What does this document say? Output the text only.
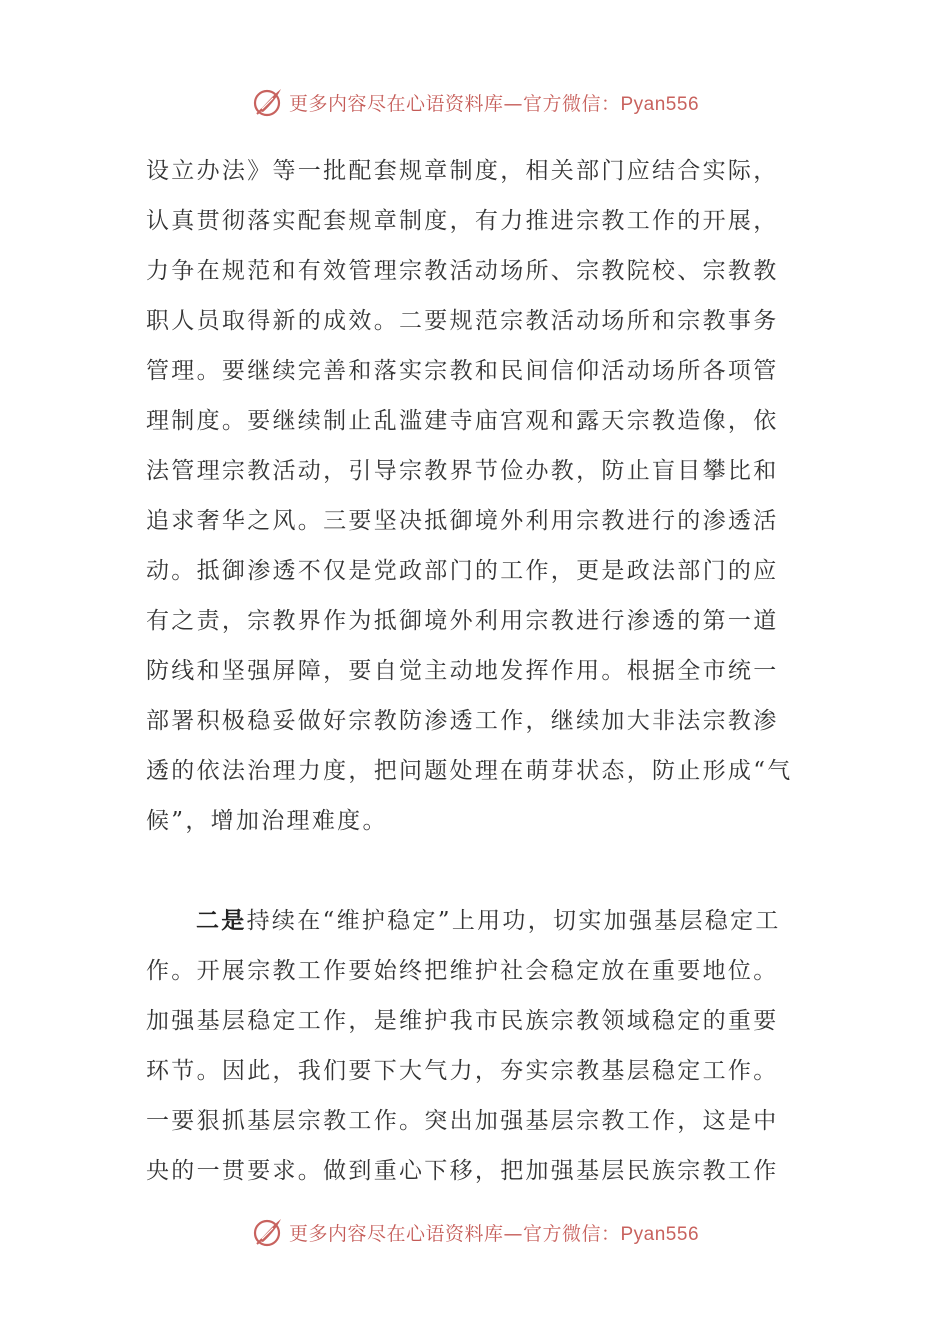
更多内容尽在心语资料库—官方微信：Pyan556

设立办法》等一批配套规章制度，相关部门应结合实际，认真贯彻落实配套规章制度，有力推进宗教工作的开展，力争在规范和有效管理宗教活动场所、宗教院校、宗教教职人员取得新的成效。二要规范宗教活动场所和宗教事务管理。要继续完善和落实宗教和民间信仰活动场所各项管理制度。要继续制止乱滥建寺庙宫观和露天宗教造像，依法管理宗教活动，引导宗教界节俭办教，防止盲目攀比和追求奢华之风。三要坚决抵御境外利用宗教进行的渗透活动。抵御渗透不仅是党政部门的工作，更是政法部门的应有之责，宗教界作为抵御境外利用宗教进行渗透的第一道防线和坚强屏障，要自觉主动地发挥作用。根据全市统一部署积极稳妥做好宗教防渗透工作，继续加大非法宗教渗透的依法治理力度，把问题处理在萌芽状态，防止形成“气候”，增加治理难度。

二是持续在“维护稳定”上用功，切实加强基层稳定工作。开展宗教工作要始终把维护社会稳定放在重要地位。加强基层稳定工作，是维护我市民族宗教领域稳定的重要环节。因此，我们要下大气力，夯实宗教基层稳定工作。一要狠抓基层宗教工作。突出加强基层宗教工作，这是中央的一贯要求。做到重心下移，把加强基层民族宗教工作

更多内容尽在心语资料库—官方微信：Pyan556
